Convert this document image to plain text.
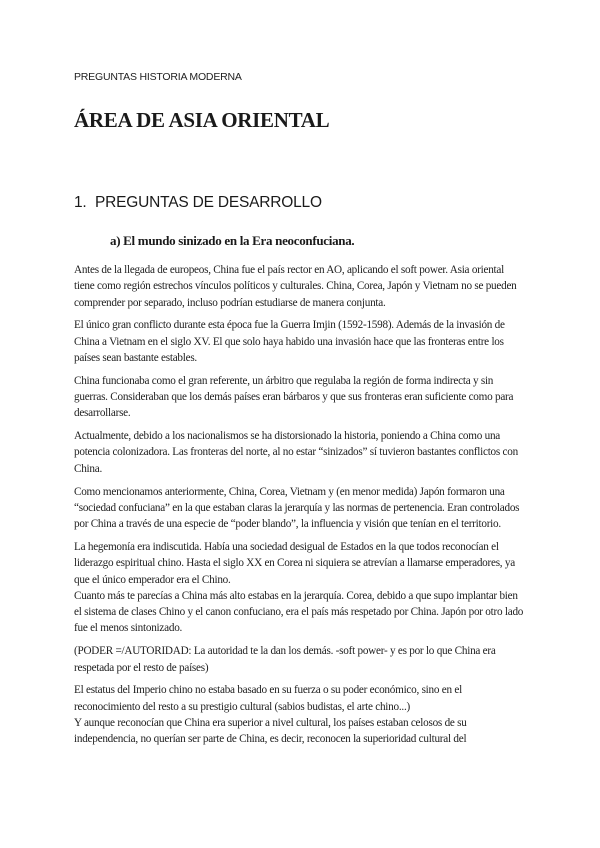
PREGUNTAS HISTORIA MODERNA
ÁREA DE ASIA ORIENTAL
1. PREGUNTAS DE DESARROLLO
a) El mundo sinizado en la Era neoconfuciana.

Antes de la llegada de europeos, China fue el país rector en AO, aplicando el soft power. Asia oriental tiene como región estrechos vínculos políticos y culturales. China, Corea, Japón y Vietnam no se pueden comprender por separado, incluso podrían estudiarse de manera conjunta.

El único gran conflicto durante esta época fue la Guerra Imjin (1592-1598). Además de la invasión de China a Vietnam en el siglo XV. El que solo haya habido una invasión hace que las fronteras entre los países sean bastante estables.

China funcionaba como el gran referente, un árbitro que regulaba la región de forma indirecta y sin guerras. Consideraban que los demás países eran bárbaros y que sus fronteras eran suficiente como para desarrollarse.

Actualmente, debido a los nacionalismos se ha distorsionado la historia, poniendo a China como una potencia colonizadora. Las fronteras del norte, al no estar “sinizados” sí tuvieron bastantes conflictos con China.

Como mencionamos anteriormente, China, Corea, Vietnam y (en menor medida) Japón formaron una “sociedad confuciana” en la que estaban claras la jerarquía y las normas de pertenencia. Eran controlados por China a través de una especie de “poder blando”, la influencia y visión que tenían en el territorio.

La hegemonía era indiscutida. Había una sociedad desigual de Estados en la que todos reconocían el liderazgo espiritual chino. Hasta el siglo XX en Corea ni siquiera se atrevían a llamarse emperadores, ya que el único emperador era el Chino.

Cuanto más te parecías a China más alto estabas en la jerarquía. Corea, debido a que supo implantar bien el sistema de clases Chino y el canon confuciano, era el país más respetado por China. Japón por otro lado fue el menos sintonizado.

(PODER =/AUTORIDAD: La autoridad te la dan los demás. -soft power- y es por lo que China era respetada por el resto de países)

El estatus del Imperio chino no estaba basado en su fuerza o su poder económico, sino en el reconocimiento del resto a su prestigio cultural (sabios budistas, el arte chino...)

Y aunque reconocían que China era superior a nivel cultural, los países estaban celosos de su independencia, no querían ser parte de China, es decir, reconocen la superioridad cultural del
